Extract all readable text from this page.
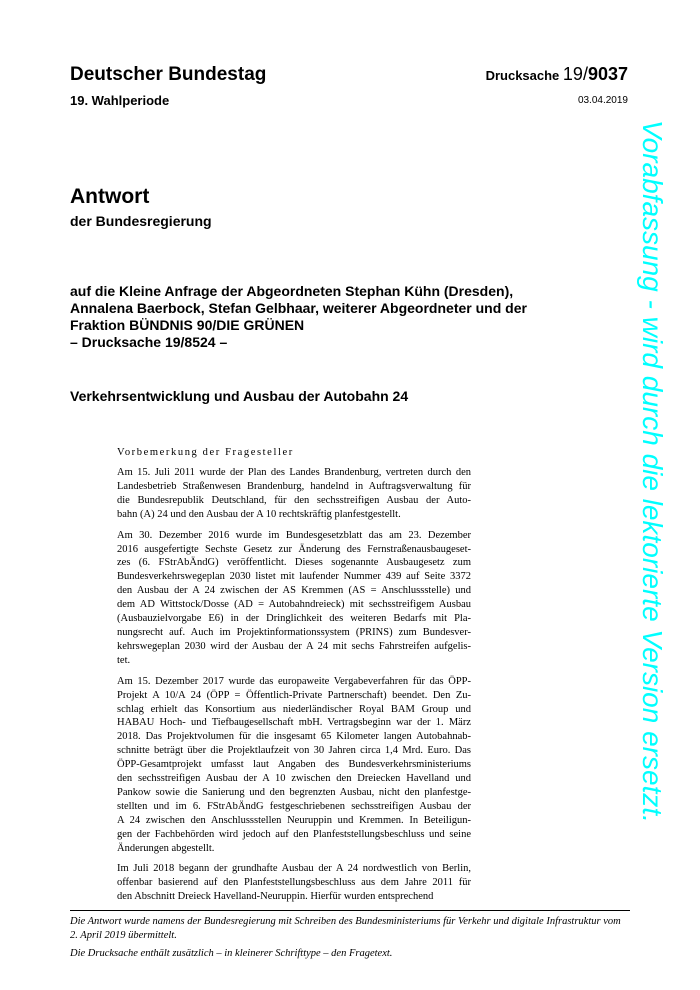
Deutscher Bundestag
19. Wahlperiode
Drucksache 19/9037
03.04.2019
Antwort
der Bundesregierung
auf die Kleine Anfrage der Abgeordneten Stephan Kühn (Dresden),
Annalena Baerbock, Stefan Gelbhaar, weiterer Abgeordneter und der
Fraktion BÜNDNIS 90/DIE GRÜNEN
– Drucksache 19/8524 –
Verkehrsentwicklung und Ausbau der Autobahn 24
Vorbemerkung der Fragesteller

Am 15. Juli 2011 wurde der Plan des Landes Brandenburg, vertreten durch den
Landesbetrieb Straßenwesen Brandenburg, handelnd in Auftragsverwaltung für
die Bundesrepublik Deutschland, für den sechsstreifigen Ausbau der Auto-
bahn (A) 24 und den Ausbau der A 10 rechtskräftig planfestgestellt.

Am 30. Dezember 2016 wurde im Bundesgesetzblatt das am 23. Dezember
2016 ausgefertigte Sechste Gesetz zur Änderung des Fernstraßenausbaugeset-
zes (6. FStrAbÄndG) veröffentlicht. Dieses sogenannte Ausbaugesetz zum
Bundesverkehrswegeplan 2030 listet mit laufender Nummer 439 auf Seite 3372
den Ausbau der A 24 zwischen der AS Kremmen (AS = Anschlussstelle) und
dem AD Wittstock/Dosse (AD = Autobahndreieck) mit sechsstreifigem Ausbau
(Ausbauzielvorgabe E6) in der Dringlichkeit des weiteren Bedarfs mit Pla-
nungsrecht auf. Auch im Projektinformationssystem (PRINS) zum Bundesver-
kehrswegeplan 2030 wird der Ausbau der A 24 mit sechs Fahrstreifen aufgelis-
tet.

Am 15. Dezember 2017 wurde das europaweite Vergabeverfahren für das ÖPP-
Projekt A 10/A 24 (ÖPP = Öffentlich-Private Partnerschaft) beendet. Den Zu-
schlag erhielt das Konsortium aus niederländischer Royal BAM Group und
HABAU Hoch- und Tiefbaugesellschaft mbH. Vertragsbeginn war der 1. März
2018. Das Projektvolumen für die insgesamt 65 Kilometer langen Autobahnab-
schnitte beträgt über die Projektlaufzeit von 30 Jahren circa 1,4 Mrd. Euro. Das
ÖPP-Gesamtprojekt umfasst laut Angaben des Bundesverkehrsministeriums
den sechsstreifigen Ausbau der A 10 zwischen den Dreiecken Havelland und
Pankow sowie die Sanierung und den begrenzten Ausbau, nicht den planfestge-
stellten und im 6. FStrAbÄndG festgeschriebenen sechsstreifigen Ausbau der
A 24 zwischen den Anschlussstellen Neuruppin und Kremmen. In Beteiligun-
gen der Fachbehörden wird jedoch auf den Planfeststellungsbeschluss und seine
Änderungen abgestellt.

Im Juli 2018 begann der grundhafte Ausbau der A 24 nordwestlich von Berlin,
offenbar basierend auf den Planfeststellungsbeschluss aus dem Jahre 2011 für
den Abschnitt Dreieck Havelland-Neuruppin. Hierfür wurden entsprechend

Die Antwort wurde namens der Bundesregierung mit Schreiben des Bundesministeriums für Verkehr und digitale Infrastruktur vom 2. April 2019 übermittelt.

Die Drucksache enthält zusätzlich – in kleinerer Schrifttype – den Fragetext.

Vorabfassung - wird durch die lektorierte Version ersetzt.
